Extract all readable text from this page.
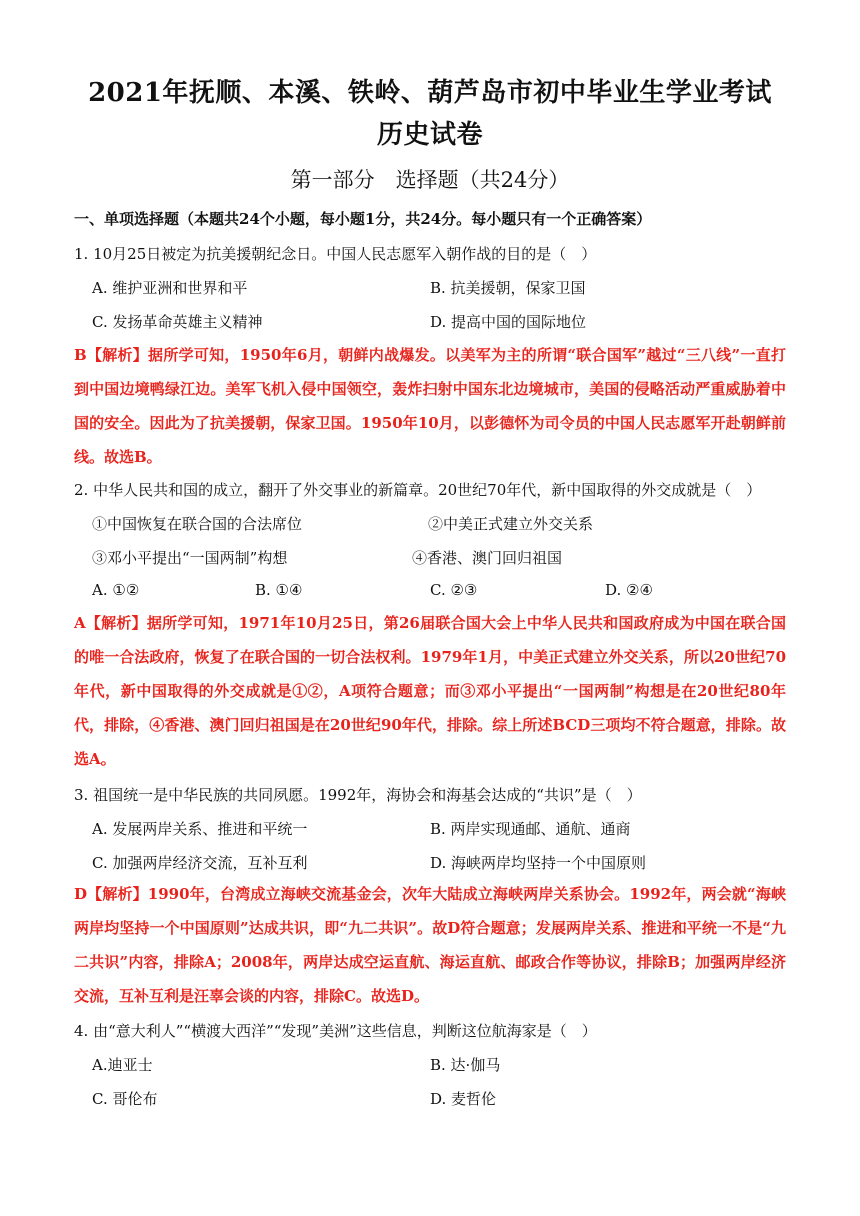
2021年抚顺、本溪、铁岭、葫芦岛市初中毕业生学业考试
历史试卷
第一部分　选择题（共24分）
一、单项选择题（本题共24个小题，每小题1分，共24分。每小题只有一个正确答案）
1. 10月25日被定为抗美援朝纪念日。中国人民志愿军入朝作战的目的是（　）
A. 维护亚洲和世界和平	B. 抗美援朝，保家卫国
C. 发扬革命英雄主义精神	D. 提高中国的国际地位
B【解析】据所学可知，1950年6月，朝鲜内战爆发。以美军为主的所谓“联合国军”越过“三八线”一直打到中国边境鸭绿江边。美军飞机入侵中国领空，轰炸扫射中国东北边境城市，美国的侵略活动严重威胁着中国的安全。因此为了抗美援朝，保家卫国。1950年10月，以彭德怀为司令员的中国人民志愿军开赴朝鲜前线。故选B。
2. 中华人民共和国的成立，翻开了外交事业的新篇章。20世纪70年代，新中国取得的外交成就是（　）
①中国恢复在联合国的合法席位	②中美正式建立外交关系
③邓小平提出“一国两制”构想	④香港、澳门回归祖国
A. ①②	B. ①④	C. ②③	D. ②④
A【解析】据所学可知，1971年10月25日，第26届联合国大会上中华人民共和国政府成为中国在联合国的唯一合法政府，恢复了在联合国的一切合法权利。1979年1月，中美正式建立外交关系，所以20世纪70年代，新中国取得的外交成就是①②，A项符合题意；而③邓小平提出“一国两制”构想是在20世纪80年代，排除，④香港、澳门回归祖国是在20世纪90年代，排除。综上所述BCD三项均不符合题意，排除。故选A。
3. 祖国统一是中华民族的共同夙愿。1992年，海协会和海基会达成的“共识”是（　）
A. 发展两岸关系、推进和平统一	B. 两岸实现通邮、通航、通商
C. 加强两岸经济交流，互补互利	D. 海峡两岸均坚持一个中国原则
D【解析】1990年，台湾成立海峡交流基金会，次年大陆成立海峡两岸关系协会。1992年，两会就“海峡两岸均坚持一个中国原则”达成共识，即“九二共识”。故D符合题意；发展两岸关系、推进和平统一不是“九二共识”内容，排除A；2008年，两岸达成空运直航、海运直航、邮政合作等协议，排除B；加强两岸经济交流，互补互利是汪辜会谈的内容，排除C。故选D。
4. 由“意大利人”“横渡大西洋”“发现”美洲”这些信息，判断这位航海家是（　）
A.迪亚士	B. 达·伽马
C. 哥伦布	D. 麦哲伦
